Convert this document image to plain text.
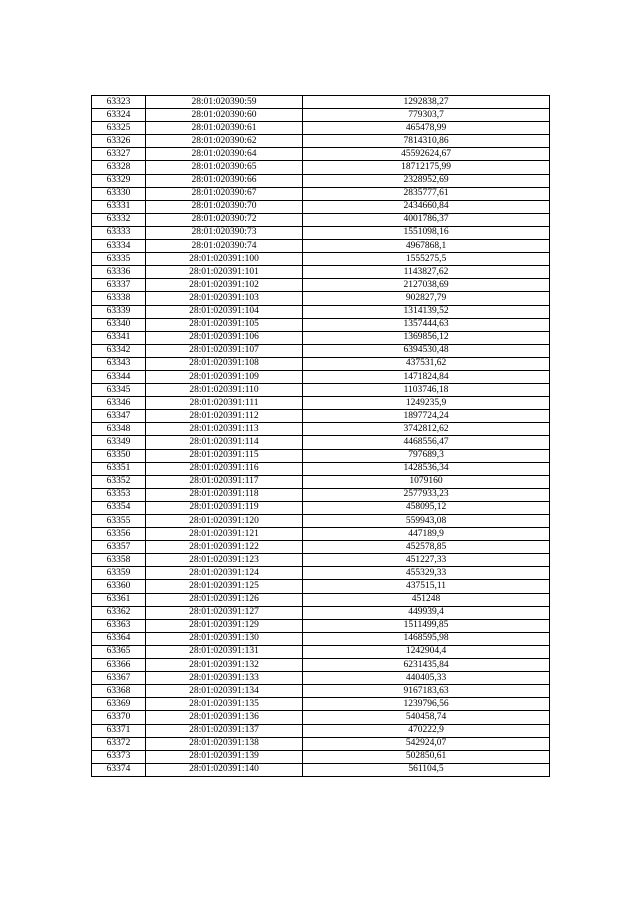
63323	28:01:020390:59	1292838,27
63324	28:01:020390:60	779303,7
63325	28:01:020390:61	465478,99
63326	28:01:020390:62	7814310,86
63327	28:01:020390:64	45592624,67
63328	28:01:020390:65	18712175,99
63329	28:01:020390:66	2328952,69
63330	28:01:020390:67	2835777,61
63331	28:01:020390:70	2434660,84
63332	28:01:020390:72	4001786,37
63333	28:01:020390:73	1551098,16
63334	28:01:020390:74	4967868,1
63335	28:01:020391:100	1555275,5
63336	28:01:020391:101	1143827,62
63337	28:01:020391:102	2127038,69
63338	28:01:020391:103	902827,79
63339	28:01:020391:104	1314139,52
63340	28:01:020391:105	1357444,63
63341	28:01:020391:106	1369856,12
63342	28:01:020391:107	6394530,48
63343	28:01:020391:108	437531,62
63344	28:01:020391:109	1471824,84
63345	28:01:020391:110	1103746,18
63346	28:01:020391:111	1249235,9
63347	28:01:020391:112	1897724,24
63348	28:01:020391:113	3742812,62
63349	28:01:020391:114	4468556,47
63350	28:01:020391:115	797689,3
63351	28:01:020391:116	1428536,34
63352	28:01:020391:117	1079160
63353	28:01:020391:118	2577933,23
63354	28:01:020391:119	458095,12
63355	28:01:020391:120	559943,08
63356	28:01:020391:121	447189,9
63357	28:01:020391:122	452578,85
63358	28:01:020391:123	451227,33
63359	28:01:020391:124	455329,33
63360	28:01:020391:125	437515,11
63361	28:01:020391:126	451248
63362	28:01:020391:127	449939,4
63363	28:01:020391:129	1511499,85
63364	28:01:020391:130	1468595,98
63365	28:01:020391:131	1242904,4
63366	28:01:020391:132	6231435,84
63367	28:01:020391:133	440405,33
63368	28:01:020391:134	9167183,63
63369	28:01:020391:135	1239796,56
63370	28:01:020391:136	540458,74
63371	28:01:020391:137	470222,9
63372	28:01:020391:138	542924,07
63373	28:01:020391:139	502850,61
63374	28:01:020391:140	561104,5
